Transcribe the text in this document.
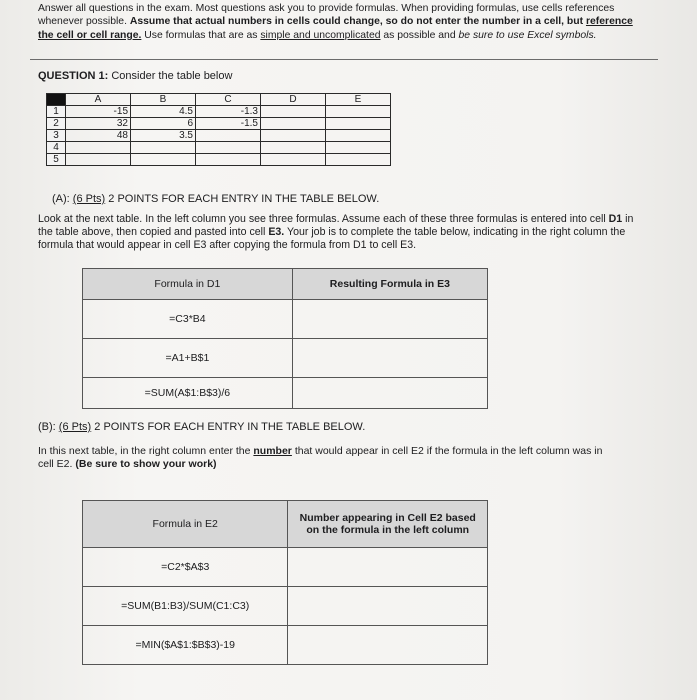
Answer all questions in the exam. Most questions ask you to provide formulas. When providing formulas, use cells references whenever possible. Assume that actual numbers in cells could change, so do not enter the number in a cell, but reference the cell or cell range. Use formulas that are as simple and uncomplicated as possible and be sure to use Excel symbols.
QUESTION 1: Consider the table below
	A	B	C	D	E
1	-15	4.5	-1.3		
2	32	6	-1.5		
3	48	3.5			
4					
5					
(A): (6 Pts) 2 POINTS FOR EACH ENTRY IN THE TABLE BELOW.
Look at the next table. In the left column you see three formulas. Assume each of these three formulas is entered into cell D1 in the table above, then copied and pasted into cell E3. Your job is to complete the table below, indicating in the right column the formula that would appear in cell E3 after copying the formula from D1 to cell E3.
Formula in D1	Resulting Formula in E3
=C3*B4	
=A1+B$1	
=SUM(A$1:B$3)/6	
(B): (6 Pts) 2 POINTS FOR EACH ENTRY IN THE TABLE BELOW.
In this next table, in the right column enter the number that would appear in cell E2 if the formula in the left column was in cell E2. (Be sure to show your work)
Formula in E2	Number appearing in Cell E2 based on the formula in the left column
=C2*$A$3	
=SUM(B1:B3)/SUM(C1:C3)	
=MIN($A$1:$B$3)-19	
